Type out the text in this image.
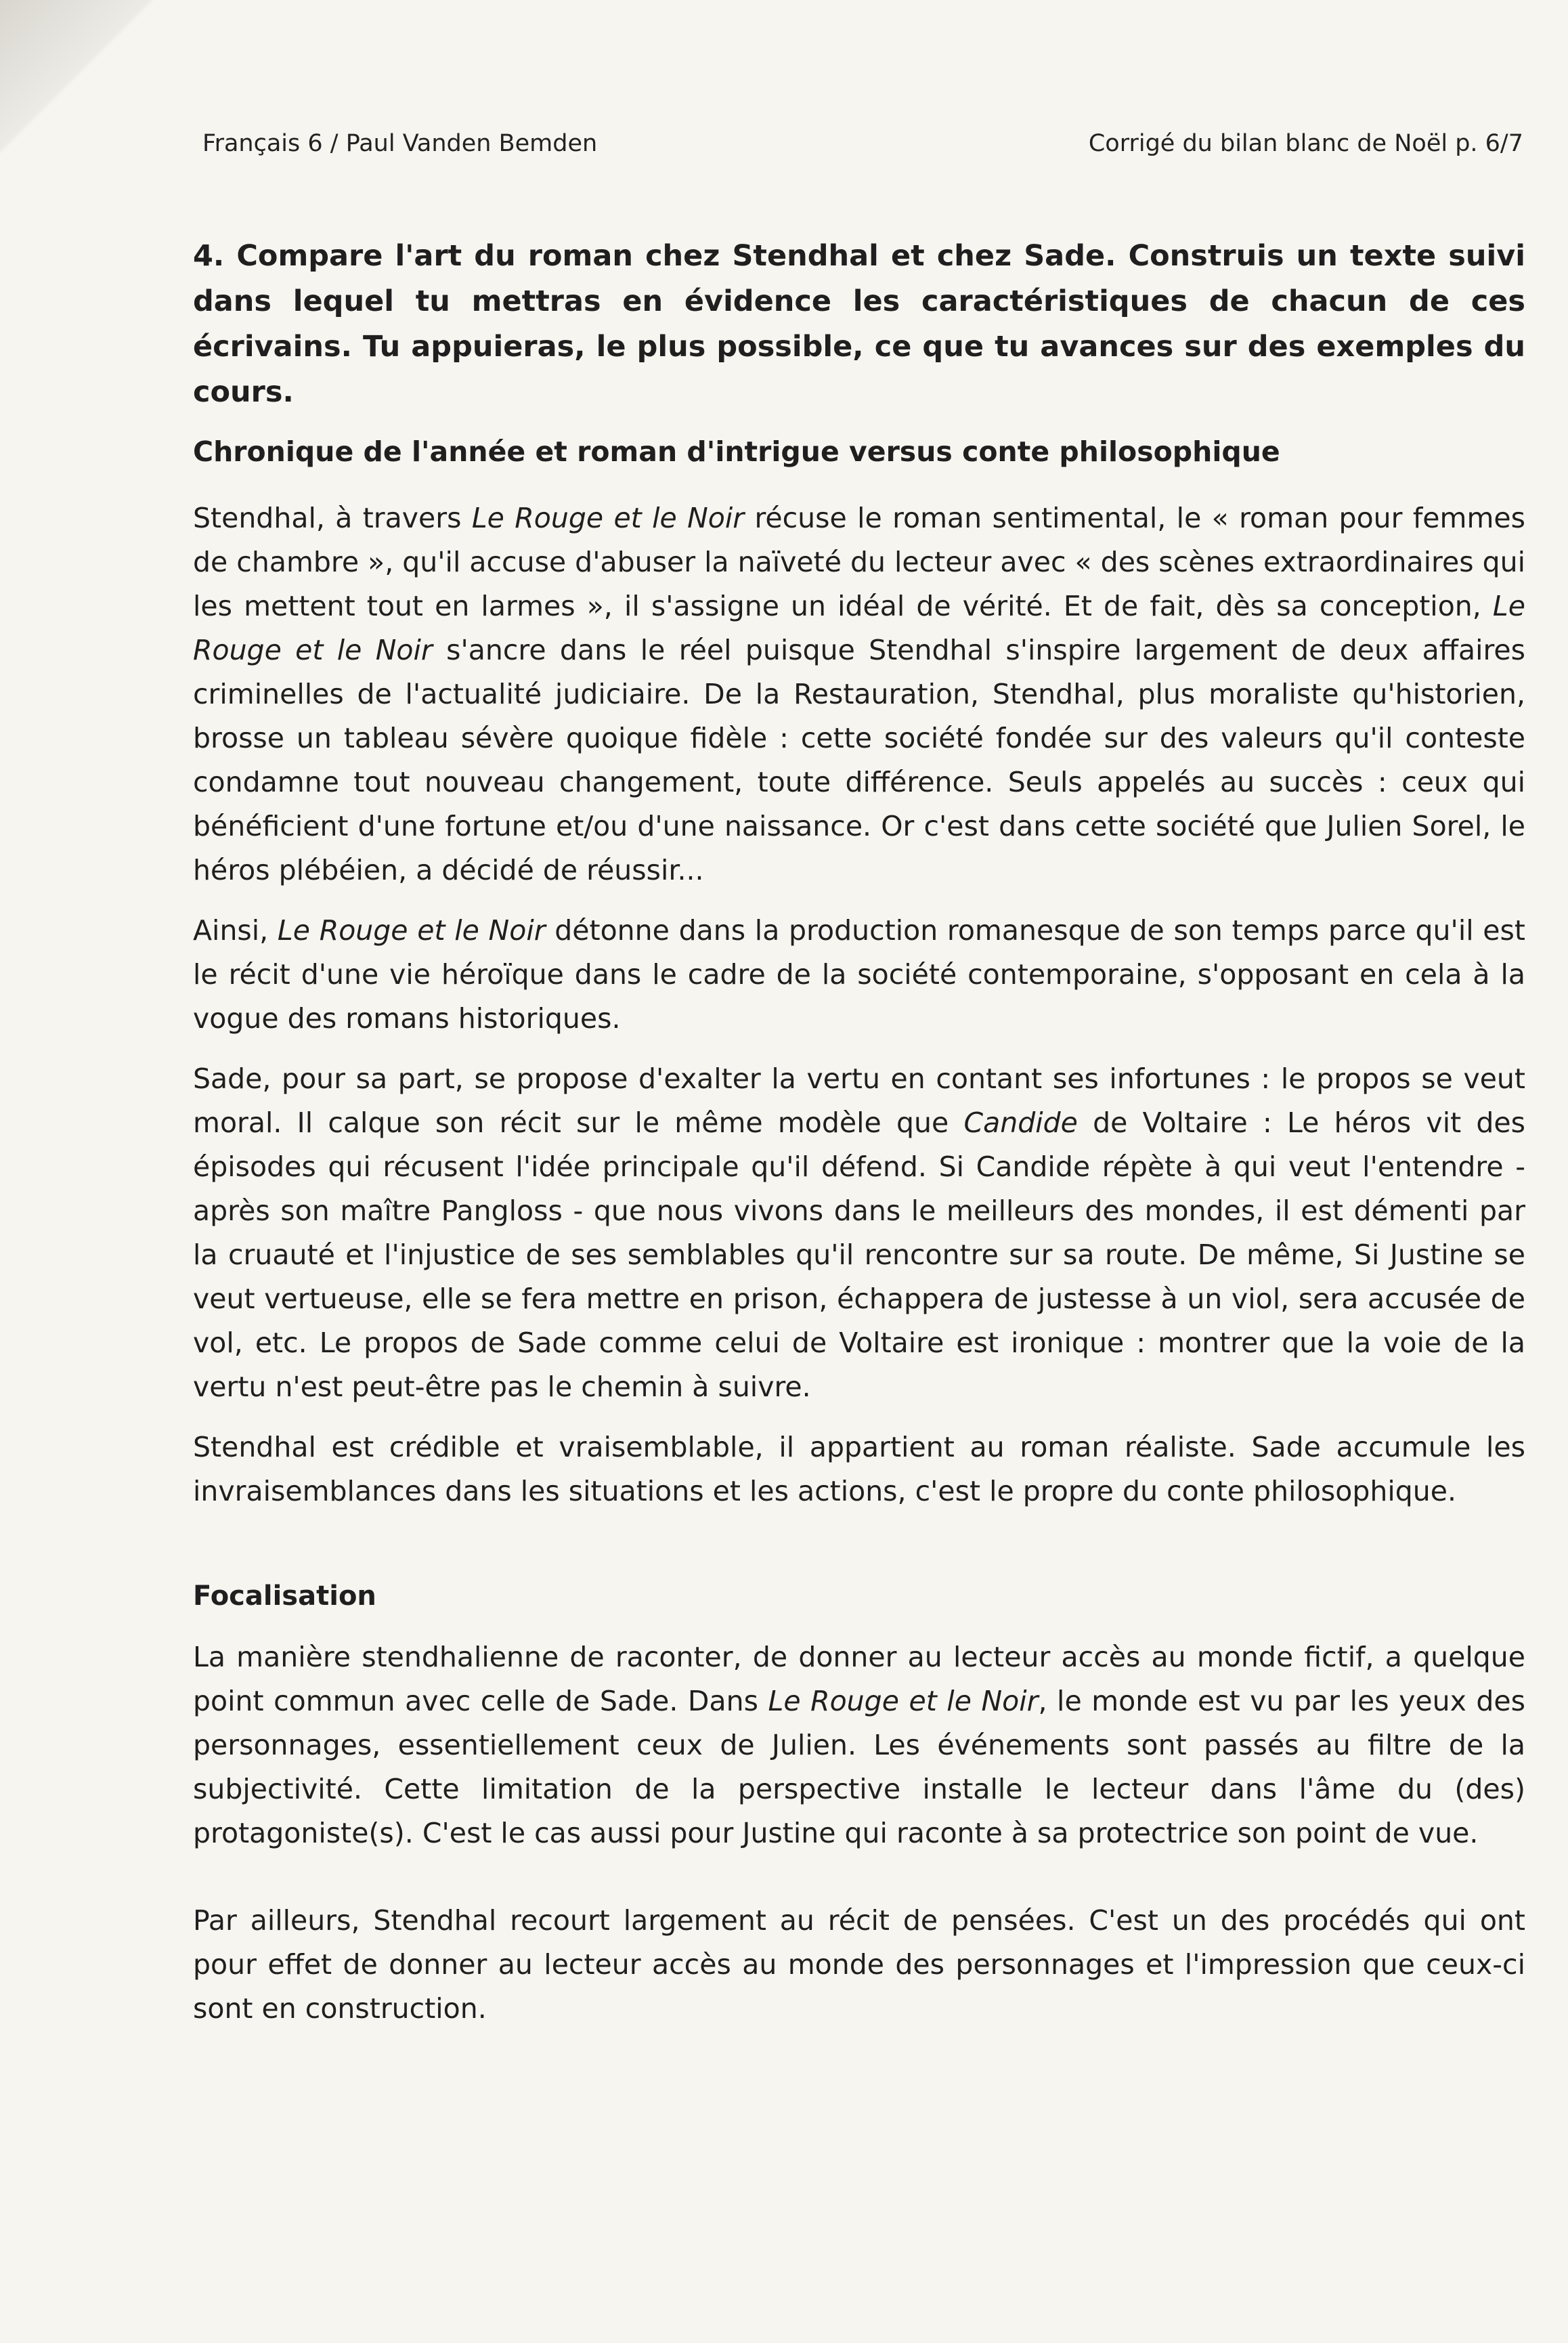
Français 6 / Paul Vanden Bemden	Corrigé du bilan blanc de Noël p. 6/7

4. Compare l'art du roman chez Stendhal et chez Sade. Construis un texte suivi dans lequel tu mettras en évidence les caractéristiques de chacun de ces écrivains. Tu appuieras, le plus possible, ce que tu avances sur des exemples du cours.

Chronique de l'année et roman d'intrigue versus conte philosophique

Stendhal, à travers Le Rouge et le Noir récuse le roman sentimental, le « roman pour femmes de chambre », qu'il accuse d'abuser la naïveté du lecteur avec « des scènes extraordinaires qui les mettent tout en larmes », il s'assigne un idéal de vérité. Et de fait, dès sa conception, Le Rouge et le Noir s'ancre dans le réel puisque Stendhal s'inspire largement de deux affaires criminelles de l'actualité judiciaire. De la Restauration, Stendhal, plus moraliste qu'historien, brosse un tableau sévère quoique fidèle : cette société fondée sur des valeurs qu'il conteste condamne tout nouveau changement, toute différence. Seuls appelés au succès : ceux qui bénéficient d'une fortune et/ou d'une naissance. Or c'est dans cette société que Julien Sorel, le héros plébéien, a décidé de réussir...

Ainsi, Le Rouge et le Noir détonne dans la production romanesque de son temps parce qu'il est le récit d'une vie héroïque dans le cadre de la société contemporaine, s'opposant en cela à la vogue des romans historiques.

Sade, pour sa part, se propose d'exalter la vertu en contant ses infortunes : le propos se veut moral. Il calque son récit sur le même modèle que Candide de Voltaire : Le héros vit des épisodes qui récusent l'idée principale qu'il défend. Si Candide répète à qui veut l'entendre - après son maître Pangloss - que nous vivons dans le meilleurs des mondes, il est démenti par la cruauté et l'injustice de ses semblables qu'il rencontre sur sa route. De même, Si Justine se veut vertueuse, elle se fera mettre en prison, échappera de justesse à un viol, sera accusée de vol, etc. Le propos de Sade comme celui de Voltaire est ironique : montrer que la voie de la vertu n'est peut-être pas le chemin à suivre.

Stendhal est crédible et vraisemblable, il appartient au roman réaliste. Sade accumule les invraisemblances dans les situations et les actions, c'est le propre du conte philosophique.

Focalisation

La manière stendhalienne de raconter, de donner au lecteur accès au monde fictif, a quelque point commun avec celle de Sade. Dans Le Rouge et le Noir, le monde est vu par les yeux des personnages, essentiellement ceux de Julien. Les événements sont passés au filtre de la subjectivité. Cette limitation de la perspective installe le lecteur dans l'âme du (des) protagoniste(s). C'est le cas aussi pour Justine qui raconte à sa protectrice son point de vue.

Par ailleurs, Stendhal recourt largement au récit de pensées. C'est un des procédés qui ont pour effet de donner au lecteur accès au monde des personnages et l'impression que ceux-ci sont en construction.
